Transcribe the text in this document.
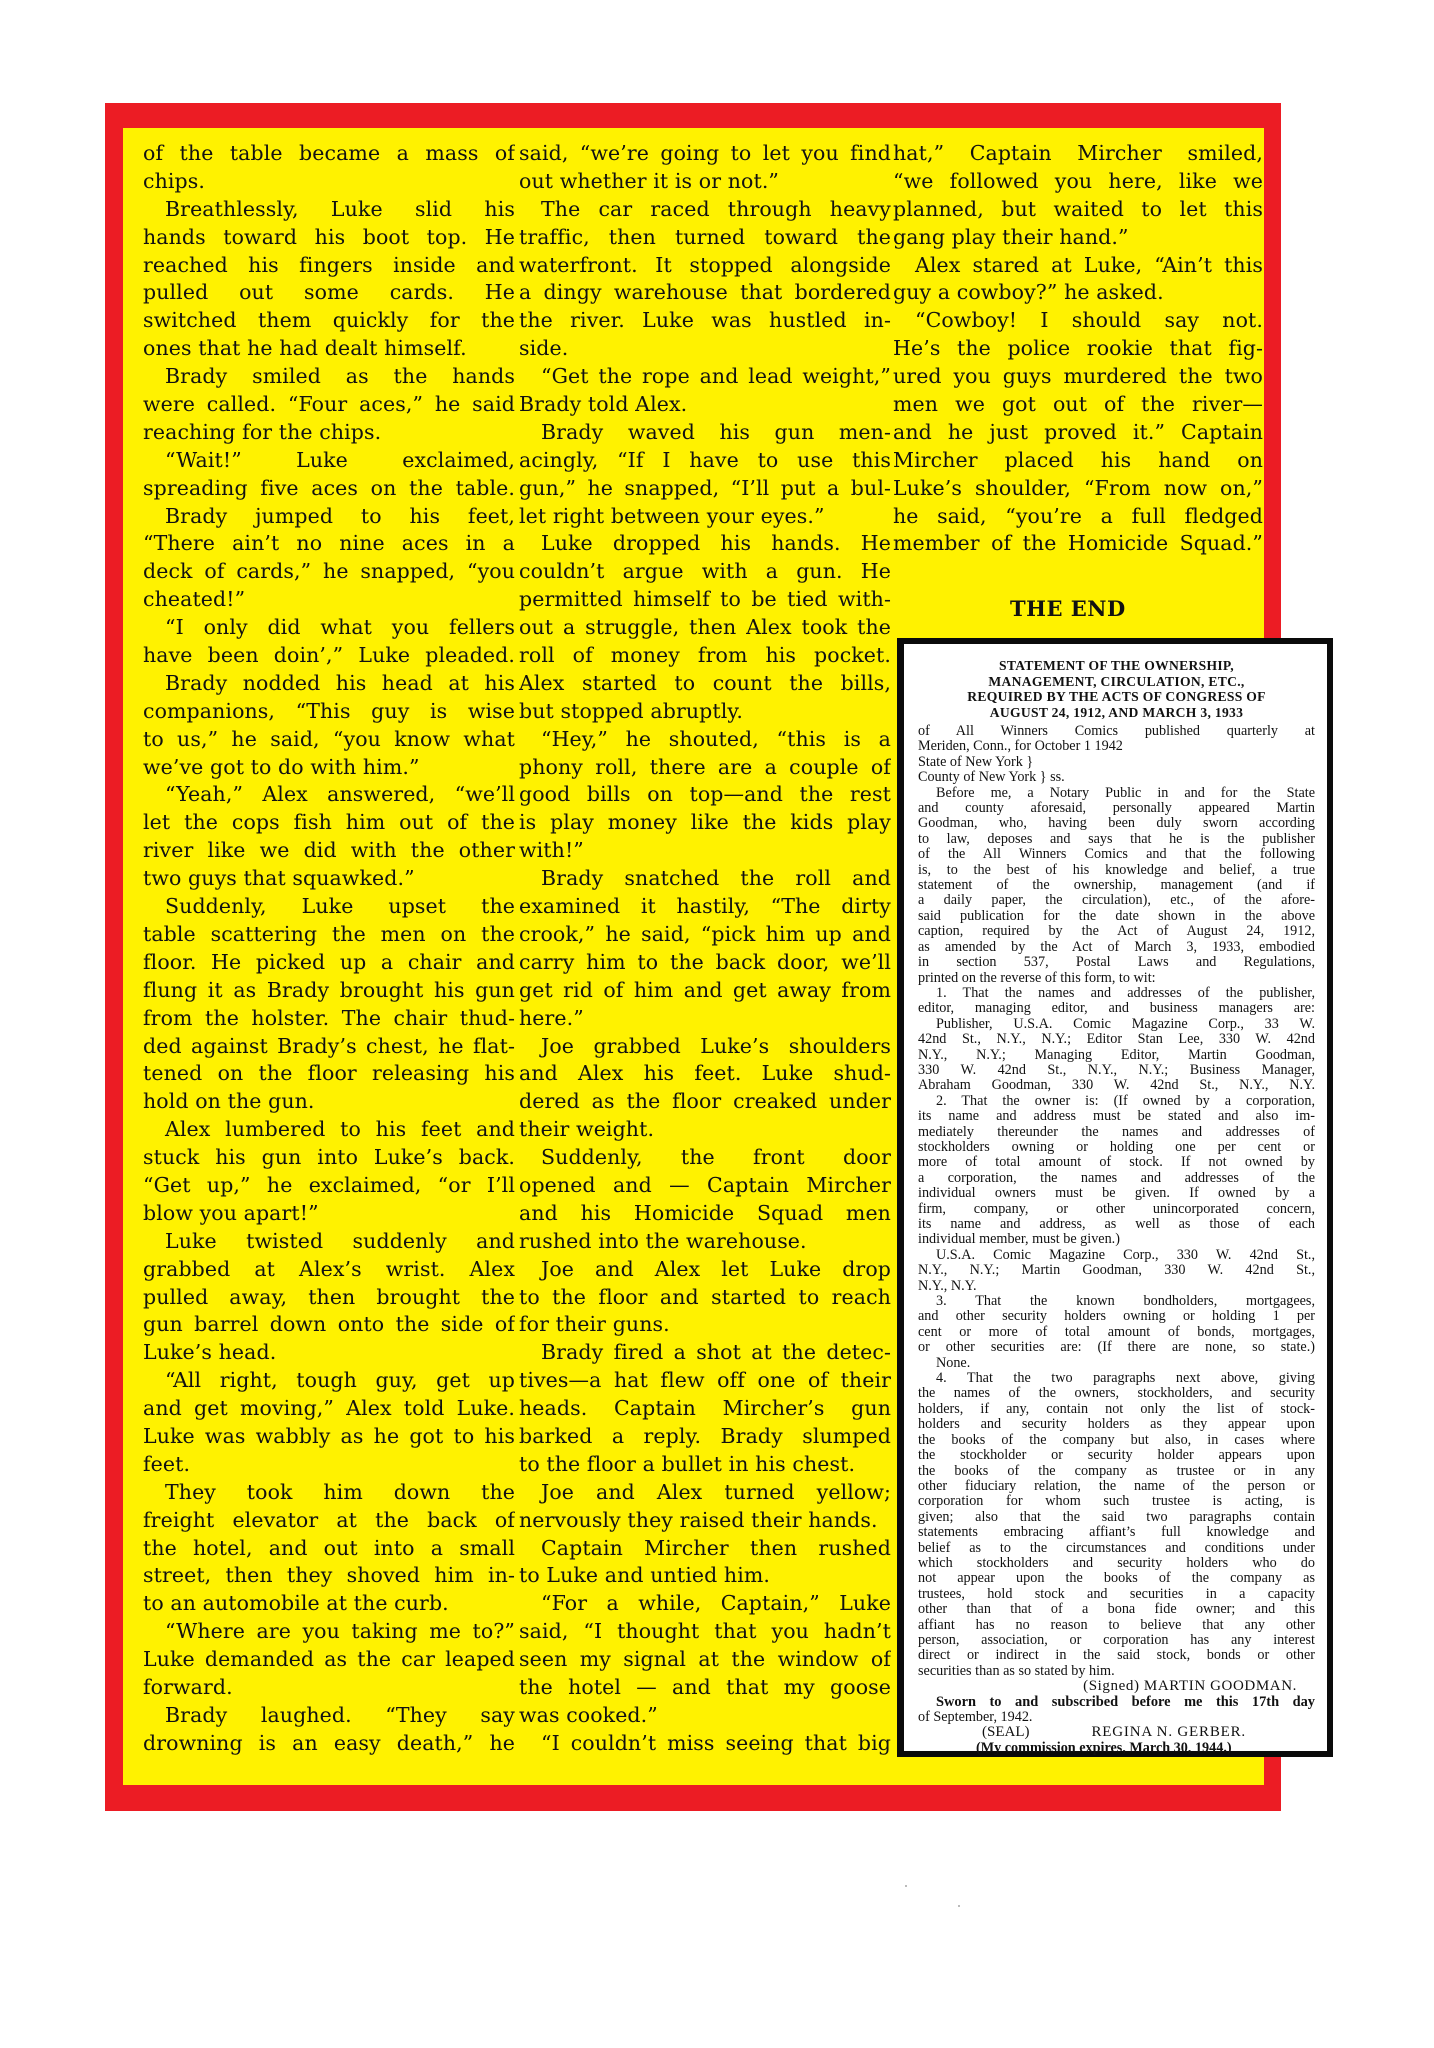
of the table became a mass of
chips.
Breathlessly, Luke slid his
hands toward his boot top. He
reached his fingers inside and
pulled out some cards. He
switched them quickly for the
ones that he had dealt himself.
Brady smiled as the hands
were called. “Four aces,” he said
reaching for the chips.
“Wait!” Luke exclaimed,
spreading five aces on the table.
Brady jumped to his feet,
“There ain’t no nine aces in a
deck of cards,” he snapped, “you
cheated!”
“I only did what you fellers
have been doin’,” Luke pleaded.
Brady nodded his head at his
companions, “This guy is wise
to us,” he said, “you know what
we’ve got to do with him.”
“Yeah,” Alex answered, “we’ll
let the cops fish him out of the
river like we did with the other
two guys that squawked.”
Suddenly, Luke upset the
table scattering the men on the
floor. He picked up a chair and
flung it as Brady brought his gun
from the holster. The chair thud-
ded against Brady’s chest, he flat-
tened on the floor releasing his
hold on the gun.
Alex lumbered to his feet and
stuck his gun into Luke’s back.
“Get up,” he exclaimed, “or I’ll
blow you apart!”
Luke twisted suddenly and
grabbed at Alex’s wrist. Alex
pulled away, then brought the
gun barrel down onto the side of
Luke’s head.
“All right, tough guy, get up
and get moving,” Alex told Luke.
Luke was wabbly as he got to his
feet.
They took him down the
freight elevator at the back of
the hotel, and out into a small
street, then they shoved him in-
to an automobile at the curb.
“Where are you taking me to?”
Luke demanded as the car leaped
forward.
Brady laughed. “They say
drowning is an easy death,” he
said, “we’re going to let you find
out whether it is or not.”
The car raced through heavy
traffic, then turned toward the
waterfront. It stopped alongside
a dingy warehouse that bordered
the river. Luke was hustled in-
side.
“Get the rope and lead weight,”
Brady told Alex.
Brady waved his gun men-
acingly, “If I have to use this
gun,” he snapped, “I’ll put a bul-
let right between your eyes.”
Luke dropped his hands. He
couldn’t argue with a gun. He
permitted himself to be tied with-
out a struggle, then Alex took the
roll of money from his pocket.
Alex started to count the bills,
but stopped abruptly.
“Hey,” he shouted, “this is a
phony roll, there are a couple of
good bills on top—and the rest
is play money like the kids play
with!”
Brady snatched the roll and
examined it hastily, “The dirty
crook,” he said, “pick him up and
carry him to the back door, we’ll
get rid of him and get away from
here.”
Joe grabbed Luke’s shoulders
and Alex his feet. Luke shud-
dered as the floor creaked under
their weight.
Suddenly, the front door
opened and — Captain Mircher
and his Homicide Squad men
rushed into the warehouse.
Joe and Alex let Luke drop
to the floor and started to reach
for their guns.
Brady fired a shot at the detec-
tives—a hat flew off one of their
heads. Captain Mircher’s gun
barked a reply. Brady slumped
to the floor a bullet in his chest.
Joe and Alex turned yellow;
nervously they raised their hands.
Captain Mircher then rushed
to Luke and untied him.
“For a while, Captain,” Luke
said, “I thought that you hadn’t
seen my signal at the window of
the hotel — and that my goose
was cooked.”
“I couldn’t miss seeing that big
hat,” Captain Mircher smiled,
“we followed you here, like we
planned, but waited to let this
gang play their hand.”
Alex stared at Luke, “Ain’t this
guy a cowboy?” he asked.
“Cowboy! I should say not.
He’s the police rookie that fig-
ured you guys murdered the two
men we got out of the river—
and he just proved it.” Captain
Mircher placed his hand on
Luke’s shoulder, “From now on,”
he said, “you’re a full fledged
member of the Homicide Squad.”
THE END
STATEMENT OF THE OWNERSHIP,
MANAGEMENT, CIRCULATION, ETC.,
REQUIRED BY THE ACTS OF CONGRESS OF
AUGUST 24, 1912, AND MARCH 3, 1933
of All Winners Comics published quarterly at
Meriden, Conn., for October 1 1942
State of New York }
County of New York } ss.
Before me, a Notary Public in and for the State
and county aforesaid, personally appeared Martin
Goodman, who, having been duly sworn according
to law, deposes and says that he is the publisher
of the All Winners Comics and that the following
is, to the best of his knowledge and belief, a true
statement of the ownership, management (and if
a daily paper, the circulation), etc., of the afore-
said publication for the date shown in the above
caption, required by the Act of August 24, 1912,
as amended by the Act of March 3, 1933, embodied
in section 537, Postal Laws and Regulations,
printed on the reverse of this form, to wit:
1. That the names and addresses of the publisher,
editor, managing editor, and business managers are:
Publisher, U.S.A. Comic Magazine Corp., 33 W.
42nd St., N.Y., N.Y.; Editor Stan Lee, 330 W. 42nd
N.Y., N.Y.; Managing Editor, Martin Goodman,
330 W. 42nd St., N.Y., N.Y.; Business Manager,
Abraham Goodman, 330 W. 42nd St., N.Y., N.Y.
2. That the owner is: (If owned by a corporation,
its name and address must be stated and also im-
mediately thereunder the names and addresses of
stockholders owning or holding one per cent or
more of total amount of stock. If not owned by
a corporation, the names and addresses of the
individual owners must be given. If owned by a
firm, company, or other unincorporated concern,
its name and address, as well as those of each
individual member, must be given.)
U.S.A. Comic Magazine Corp., 330 W. 42nd St.,
N.Y., N.Y.; Martin Goodman, 330 W. 42nd St.,
N.Y., N.Y.
3. That the known bondholders, mortgagees,
and other security holders owning or holding 1 per
cent or more of total amount of bonds, mortgages,
or other securities are: (If there are none, so state.)
None.
4. That the two paragraphs next above, giving
the names of the owners, stockholders, and security
holders, if any, contain not only the list of stock-
holders and security holders as they appear upon
the books of the company but also, in cases where
the stockholder or security holder appears upon
the books of the company as trustee or in any
other fiduciary relation, the name of the person or
corporation for whom such trustee is acting, is
given; also that the said two paragraphs contain
statements embracing affiant’s full knowledge and
belief as to the circumstances and conditions under
which stockholders and security holders who do
not appear upon the books of the company as
trustees, hold stock and securities in a capacity
other than that of a bona fide owner; and this
affiant has no reason to believe that any other
person, association, or corporation has any interest
direct or indirect in the said stock, bonds or other
securities than as so stated by him.
(Signed) MARTIN GOODMAN.
Sworn to and subscribed before me this 17th day
of September, 1942.
(SEAL)	REGINA N. GERBER.
(My commission expires, March 30, 1944.)
